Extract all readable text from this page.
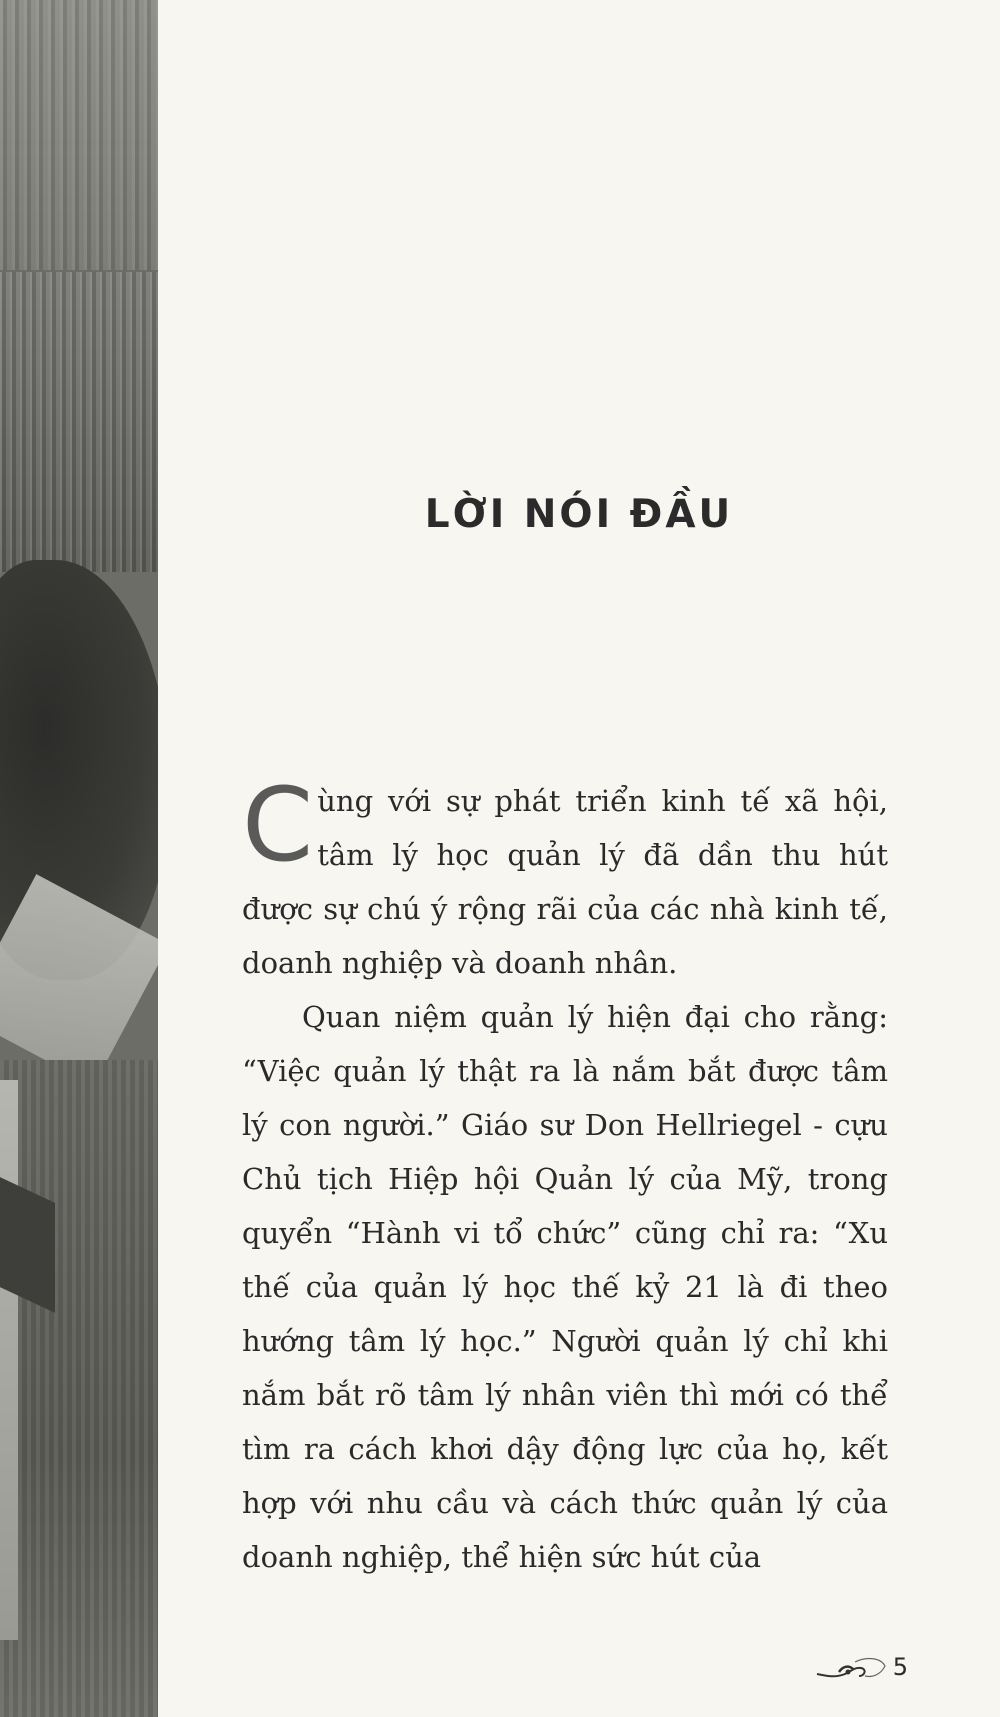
LỜI NÓI ĐẦU

Cùng với sự phát triển kinh tế xã hội, tâm lý học quản lý đã dần thu hút được sự chú ý rộng rãi của các nhà kinh tế, doanh nghiệp và doanh nhân.

Quan niệm quản lý hiện đại cho rằng: “Việc quản lý thật ra là nắm bắt được tâm lý con người.” Giáo sư Don Hellriegel - cựu Chủ tịch Hiệp hội Quản lý của Mỹ, trong quyển “Hành vi tổ chức” cũng chỉ ra: “Xu thế của quản lý học thế kỷ 21 là đi theo hướng tâm lý học.” Người quản lý chỉ khi nắm bắt rõ tâm lý nhân viên thì mới có thể tìm ra cách khơi dậy động lực của họ, kết hợp với nhu cầu và cách thức quản lý của doanh nghiệp, thể hiện sức hút của

5
